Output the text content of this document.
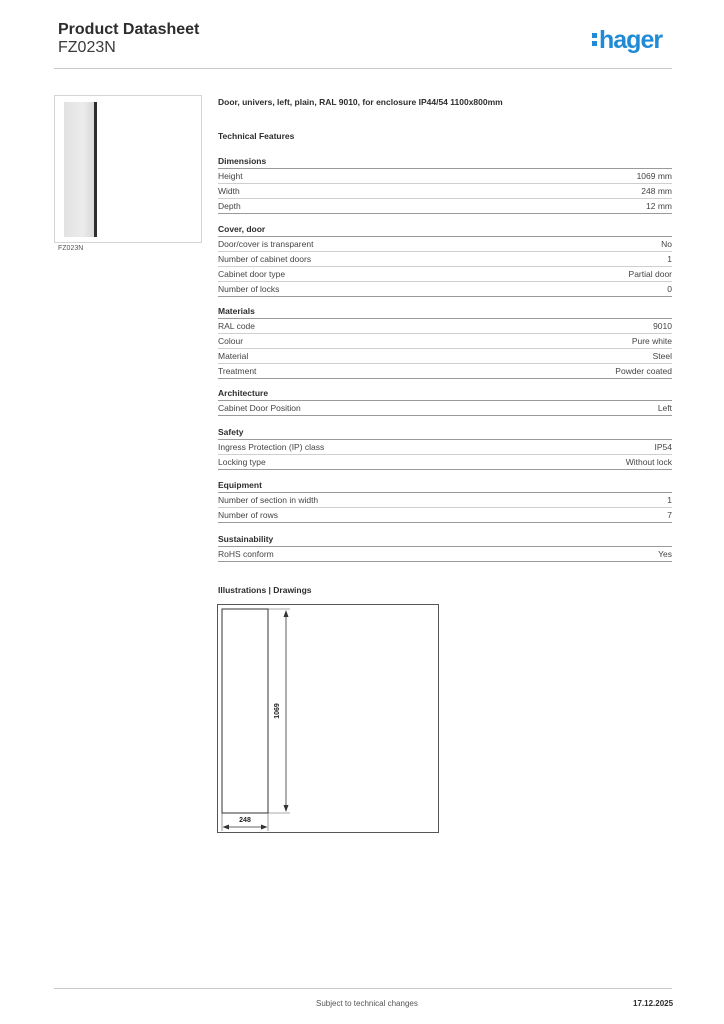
Product Datasheet
FZ023N	hager
FZ023N
Door, univers, left, plain, RAL 9010, for enclosure IP44/54 1100x800mm
Technical Features
Dimensions
Height	1069 mm
Width	248 mm
Depth	12 mm
Cover, door
Door/cover is transparent	No
Number of cabinet doors	1
Cabinet door type	Partial door
Number of locks	0
Materials
RAL code	9010
Colour	Pure white
Material	Steel
Treatment	Powder coated
Architecture
Cabinet Door Position	Left
Safety
Ingress Protection (IP) class	IP54
Locking type	Without lock
Equipment
Number of section in width	1
Number of rows	7
Sustainability
RoHS conform	Yes
Illustrations | Drawings
1069
248
Subject to technical changes	17.12.2025
